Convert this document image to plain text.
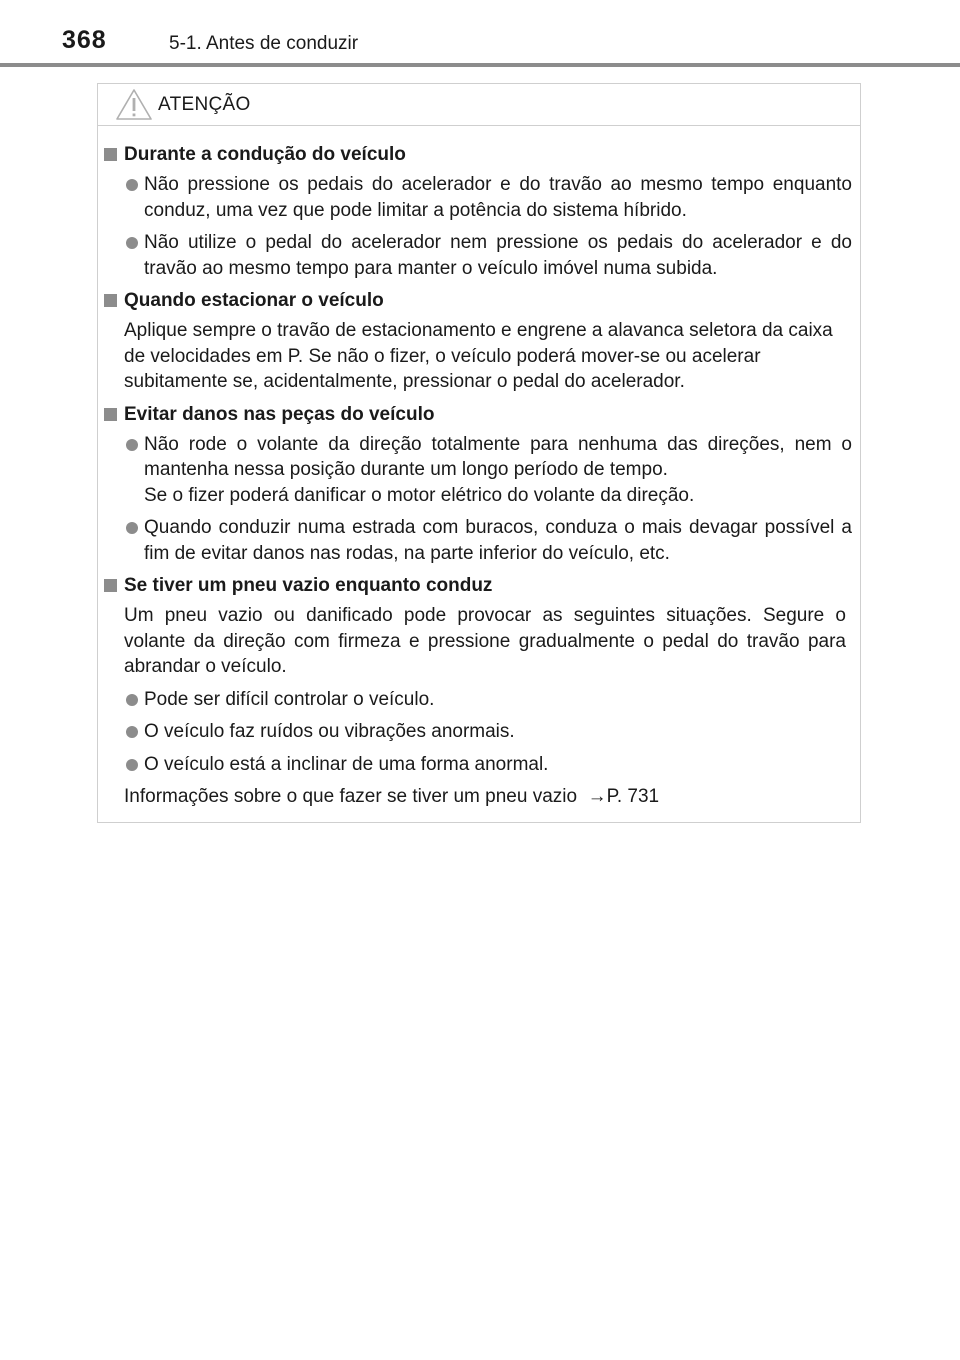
368	5-1. Antes de conduzir
ATENÇÃO
Durante a condução do veículo
Não pressione os pedais do acelerador e do travão ao mesmo tempo enquanto conduz, uma vez que pode limitar a potência do sistema híbrido.
Não utilize o pedal do acelerador nem pressione os pedais do acelerador e do travão ao mesmo tempo para manter o veículo imóvel numa subida.
Quando estacionar o veículo
Aplique sempre o travão de estacionamento e engrene a alavanca seletora da caixa de velocidades em P. Se não o fizer, o veículo poderá mover-se ou acelerar subitamente se, acidentalmente, pressionar o pedal do acelerador.
Evitar danos nas peças do veículo
Não rode o volante da direção totalmente para nenhuma das direções, nem o mantenha nessa posição durante um longo período de tempo.
Se o fizer poderá danificar o motor elétrico do volante da direção.
Quando conduzir numa estrada com buracos, conduza o mais devagar possível a fim de evitar danos nas rodas, na parte inferior do veículo, etc.
Se tiver um pneu vazio enquanto conduz
Um pneu vazio ou danificado pode provocar as seguintes situações. Segure o volante da direção com firmeza e pressione gradualmente o pedal do travão para abrandar o veículo.
Pode ser difícil controlar o veículo.
O veículo faz ruídos ou vibrações anormais.
O veículo está a inclinar de uma forma anormal.
Informações sobre o que fazer se tiver um pneu vazio  →P. 731
